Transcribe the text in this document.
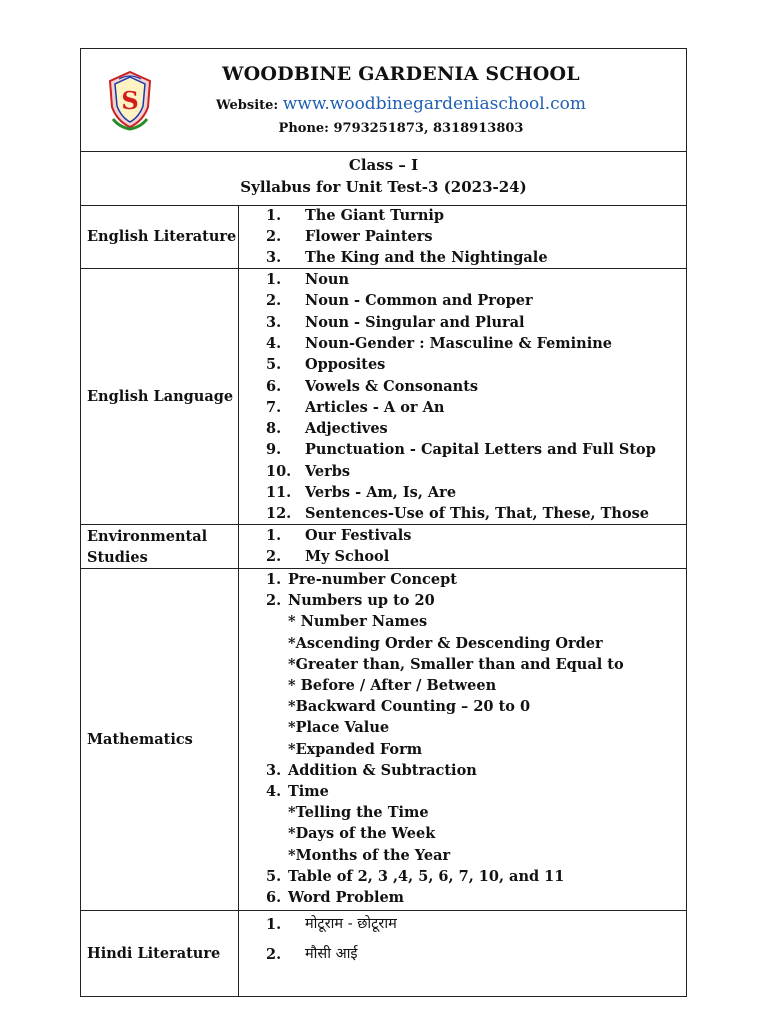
S
WOODBINE GARDENIA SCHOOL
Website: www.woodbinegardeniaschool.com
Phone: 9793251873, 8318913803
Class – I
Syllabus for Unit Test-3 (2023-24)
English Literature
1. The Giant Turnip
2. Flower Painters
3. The King and the Nightingale
English Language
1. Noun
2. Noun - Common and Proper
3. Noun - Singular and Plural
4. Noun-Gender : Masculine & Feminine
5. Opposites
6. Vowels & Consonants
7. Articles - A or An
8. Adjectives
9. Punctuation - Capital Letters and Full Stop
10. Verbs
11. Verbs - Am, Is, Are
12. Sentences-Use of This, That, These, Those
Environmental Studies
1. Our Festivals
2. My School
Mathematics
1. Pre-number Concept
2. Numbers up to 20
* Number Names
*Ascending Order & Descending Order
*Greater than, Smaller than and Equal to
* Before / After / Between
*Backward Counting – 20 to 0
*Place Value
*Expanded Form
3. Addition & Subtraction
4. Time
*Telling the Time
*Days of the Week
*Months of the Year
5. Table of 2, 3 ,4, 5, 6, 7, 10, and 11
6. Word Problem
Hindi Literature
1. मोटूराम - छोटूराम
2. मौसी आई
